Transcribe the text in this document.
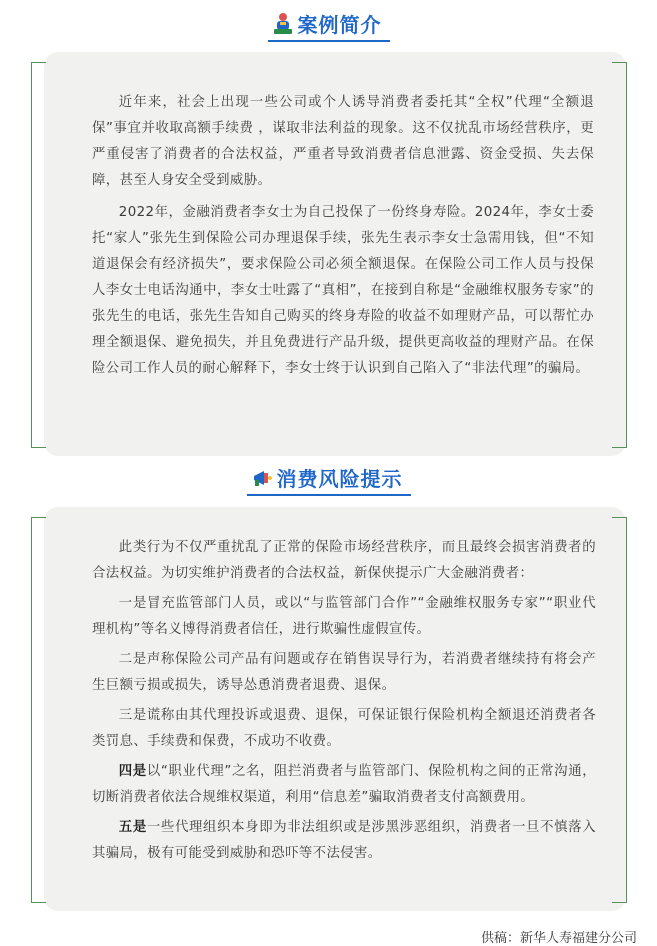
案例简介

近年来，社会上出现一些公司或个人诱导消费者委托其“全权”代理“全额退保”事宜并收取高额手续费 ，谋取非法利益的现象。这不仅扰乱市场经营秩序，更严重侵害了消费者的合法权益，严重者导致消费者信息泄露、资金受损、失去保障，甚至人身安全受到威胁。

2022年，金融消费者李女士为自己投保了一份终身寿险。2024年，李女士委托“家人”张先生到保险公司办理退保手续，张先生表示李女士急需用钱，但“不知道退保会有经济损失”，要求保险公司必须全额退保。在保险公司工作人员与投保人李女士电话沟通中，李女士吐露了“真相”，在接到自称是“金融维权服务专家”的张先生的电话，张先生告知自己购买的终身寿险的收益不如理财产品，可以帮忙办理全额退保、避免损失，并且免费进行产品升级，提供更高收益的理财产品。在保险公司工作人员的耐心解释下，李女士终于认识到自己陷入了“非法代理”的骗局。

消费风险提示

此类行为不仅严重扰乱了正常的保险市场经营秩序，而且最终会损害消费者的合法权益。为切实维护消费者的合法权益，新保侠提示广大金融消费者：

一是冒充监管部门人员，或以“与监管部门合作”“金融维权服务专家”“职业代理机构”等名义博得消费者信任，进行欺骗性虚假宣传。

二是声称保险公司产品有问题或存在销售误导行为，若消费者继续持有将会产生巨额亏损或损失，诱导怂恿消费者退费、退保。

三是谎称由其代理投诉或退费、退保，可保证银行保险机构全额退还消费者各类罚息、手续费和保费，不成功不收费。

四是以“职业代理”之名，阻拦消费者与监管部门、保险机构之间的正常沟通，切断消费者依法合规维权渠道，利用“信息差”骗取消费者支付高额费用。

五是一些代理组织本身即为非法组织或是涉黑涉恶组织，消费者一旦不慎落入其骗局，极有可能受到威胁和恐吓等不法侵害。

供稿：新华人寿福建分公司
